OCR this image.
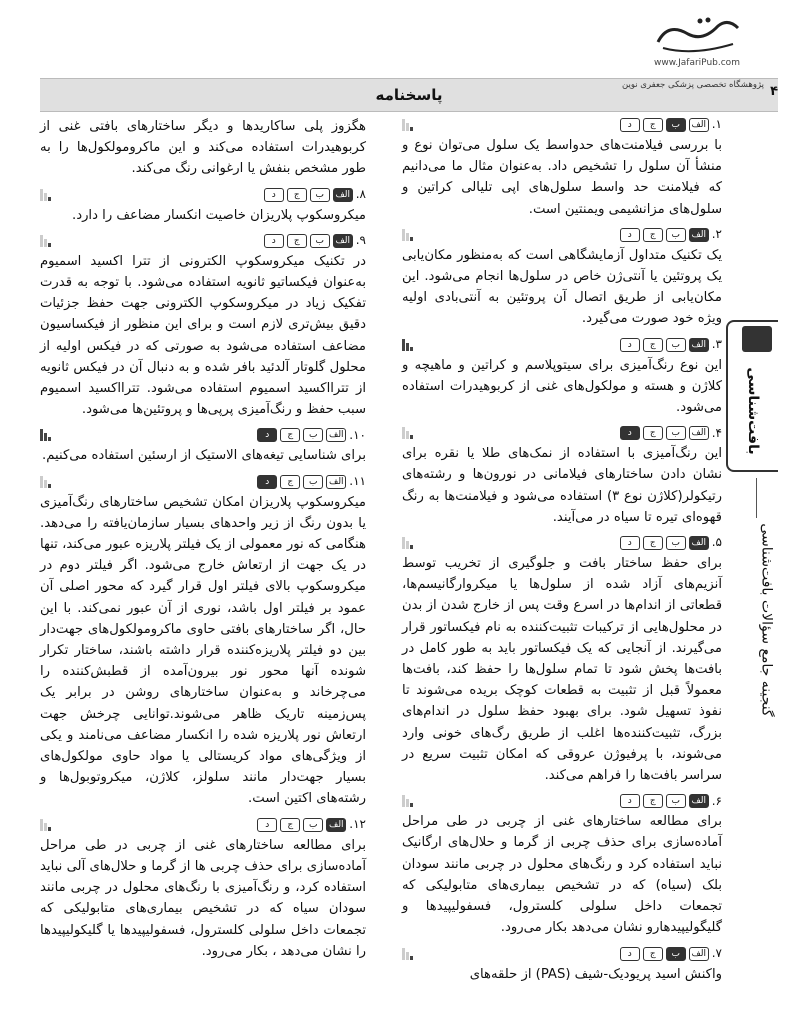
www.JafariPub.com
پاسخنامه	۴
پژوهشگاه تخصصی پزشکی جعفری نوین
بافت‌شناسی
گنجینه جامع سؤالات بافت‌شناسی
۱.
الف
ب
ج
د

با بررسی فیلامنت‌های حدواسط یک سلول می‌توان نوع و منشأ آن سلول را تشخیص داد. به‌عنوان مثال ما می‌دانیم که فیلامنت حد واسط سلول‌های اپی تلیالی کراتین و سلول‌های مزانشیمی ویمنتین است.

۲.
الف
ب
ج
د

یک تکنیک متداول آزمایشگاهی است که به‌منظور مکان‌یابی یک پروتئین یا آنتی‌ژن خاص در سلول‌ها انجام می‌شود. این مکان‌یابی از طریق اتصال آن پروتئین به آنتی‌بادی اولیه ویژه خود صورت می‌گیرد.

۳.
الف
ب
ج
د

این نوع رنگ‌آمیزی برای سیتوپلاسم و کراتین و ماهیچه و کلاژن و هسته و مولکول‌های غنی از کربوهیدرات استفاده می‌شود.

۴.
الف
ب
ج
د

این رنگ‌آمیزی با استفاده از نمک‌های طلا یا نقره برای نشان دادن ساختارهای فیلامانی در نورون‌ها و رشته‌های رتیکولر(کلاژن نوع ۳) استفاده می‌شود و فیلامنت‌ها به رنگ قهوه‌ای تیره تا سیاه در می‌آیند.

۵.
الف
ب
ج
د

برای حفظ ساختار بافت و جلوگیری از تخریب توسط آنزیم‌های آزاد شده از سلول‌ها یا میکروارگانیسم‌ها، قطعاتی از اندام‌ها در اسرع وقت پس از خارج شدن از بدن در محلول‌هایی از ترکیبات تثبیت‌کننده به نام فیکساتور قرار می‌گیرند. از آنجایی که یک فیکساتور باید به طور کامل در بافت‌ها پخش شود تا تمام سلول‌ها را حفظ کند، بافت‌ها معمولاً قبل از تثبیت به قطعات کوچک بریده می‌شوند تا نفوذ تسهیل شود. برای بهبود حفظ سلول در اندام‌های بزرگ، تثبیت‌کننده‌ها اغلب از طریق رگ‌های خونی وارد می‌شوند، با پرفیوژن عروقی که امکان تثبیت سریع در سراسر بافت‌ها را فراهم می‌کند.

۶.
الف
ب
ج
د

برای مطالعه ساختارهای غنی از چربی در طی مراحل آماده‌سازی برای حذف چربی از گرما و حلال‌های ارگانیک نباید استفاده کرد و رنگ‌های محلول در چربی مانند سودان بلک (سیاه) که در تشخیص بیماری‌های متابولیکی که تجمعات داخل سلولی کلسترول، فسفولیپیدها و گلیگولیپیدهارو نشان می‌دهد بکار می‌رود.

۷.
الف
ب
ج
د

واکنش اسید پریودیک-شیف (PAS) از حلقه‌های

هگزوز پلی ساکاریدها و دیگر ساختارهای بافتی غنی از کربوهیدرات استفاده می‌کند و این ماکرومولکول‌ها را به طور مشخص بنفش یا ارغوانی رنگ می‌کند.

۸.
الف
ب
ج
د

میکروسکوپ پلاریزان خاصیت انکسار مضاعف را دارد.

۹.
الف
ب
ج
د

در تکنیک میکروسکوپ الکترونی از تترا اکسید اسمیوم به‌عنوان فیکساتیو ثانویه استفاده می‌شود. با توجه به قدرت تفکیک زیاد در میکروسکوپ الکترونی جهت حفظ جزئیات دقیق بیش‌تری لازم است و برای این منظور از فیکساسیون مضاعف استفاده می‌شود به صورتی که در فیکس اولیه از محلول گلوتار آلدئید بافر شده و به دنبال آن در فیکس ثانویه از تترااکسید اسمیوم استفاده می‌شود. تترااکسید اسمیوم سبب حفظ و رنگ‌آمیزی پرپی‌ها و پروتئین‌ها می‌شود.

۱۰.
الف
ب
ج
د

برای شناسایی تیغه‌های الاستیک از ارسئین استفاده می‌کنیم.

۱۱.
الف
ب
ج
د

میکروسکوپ پلاریزان امکان تشخیص ساختارهای رنگ‌آمیزی یا بدون رنگ از زیر واحدهای بسیار سازمان‌یافته را می‌دهد. هنگامی که نور معمولی از یک فیلتر پلاریزه عبور می‌کند، تنها در یک جهت از ارتعاش خارج می‌شود. اگر فیلتر دوم در میکروسکوپ بالای فیلتر اول قرار گیرد که محور اصلی آن عمود بر فیلتر اول باشد، نوری از آن عبور نمی‌کند. با این حال، اگر ساختارهای بافتی حاوی ماکرومولکول‌های جهت‌دار بین دو فیلتر پلاریزه‌کننده قرار داشته باشند، ساختار تکرار شونده آنها محور نور بیرون‌آمده از قطبش‌کننده را می‌چرخاند و به‌عنوان ساختارهای روشن در برابر یک پس‌زمینه تاریک ظاهر می‌شوند.توانایی چرخش جهت ارتعاش نور پلاریزه شده را انکسار مضاعف می‌نامند و یکی از ویژگی‌های مواد کریستالی یا مواد حاوی مولکول‌های بسیار جهت‌دار مانند سلولز، کلاژن، میکروتوبول‌ها و رشته‌های اکتین است.

۱۲.
الف
ب
ج
د

برای مطالعه ساختارهای غنی از چربی در طی مراحل آماده‌سازی برای حذف چربی ها از گرما و حلال‌های آلی نباید استفاده کرد، و رنگ‌آمیزی با رنگ‌های محلول در چربی مانند سودان سیاه که در تشخیص بیماری‌های متابولیکی که تجمعات داخل سلولی کلسترول، فسفولیپیدها یا گلیکولیپیدها را نشان می‌دهد ، بکار می‌رود.
